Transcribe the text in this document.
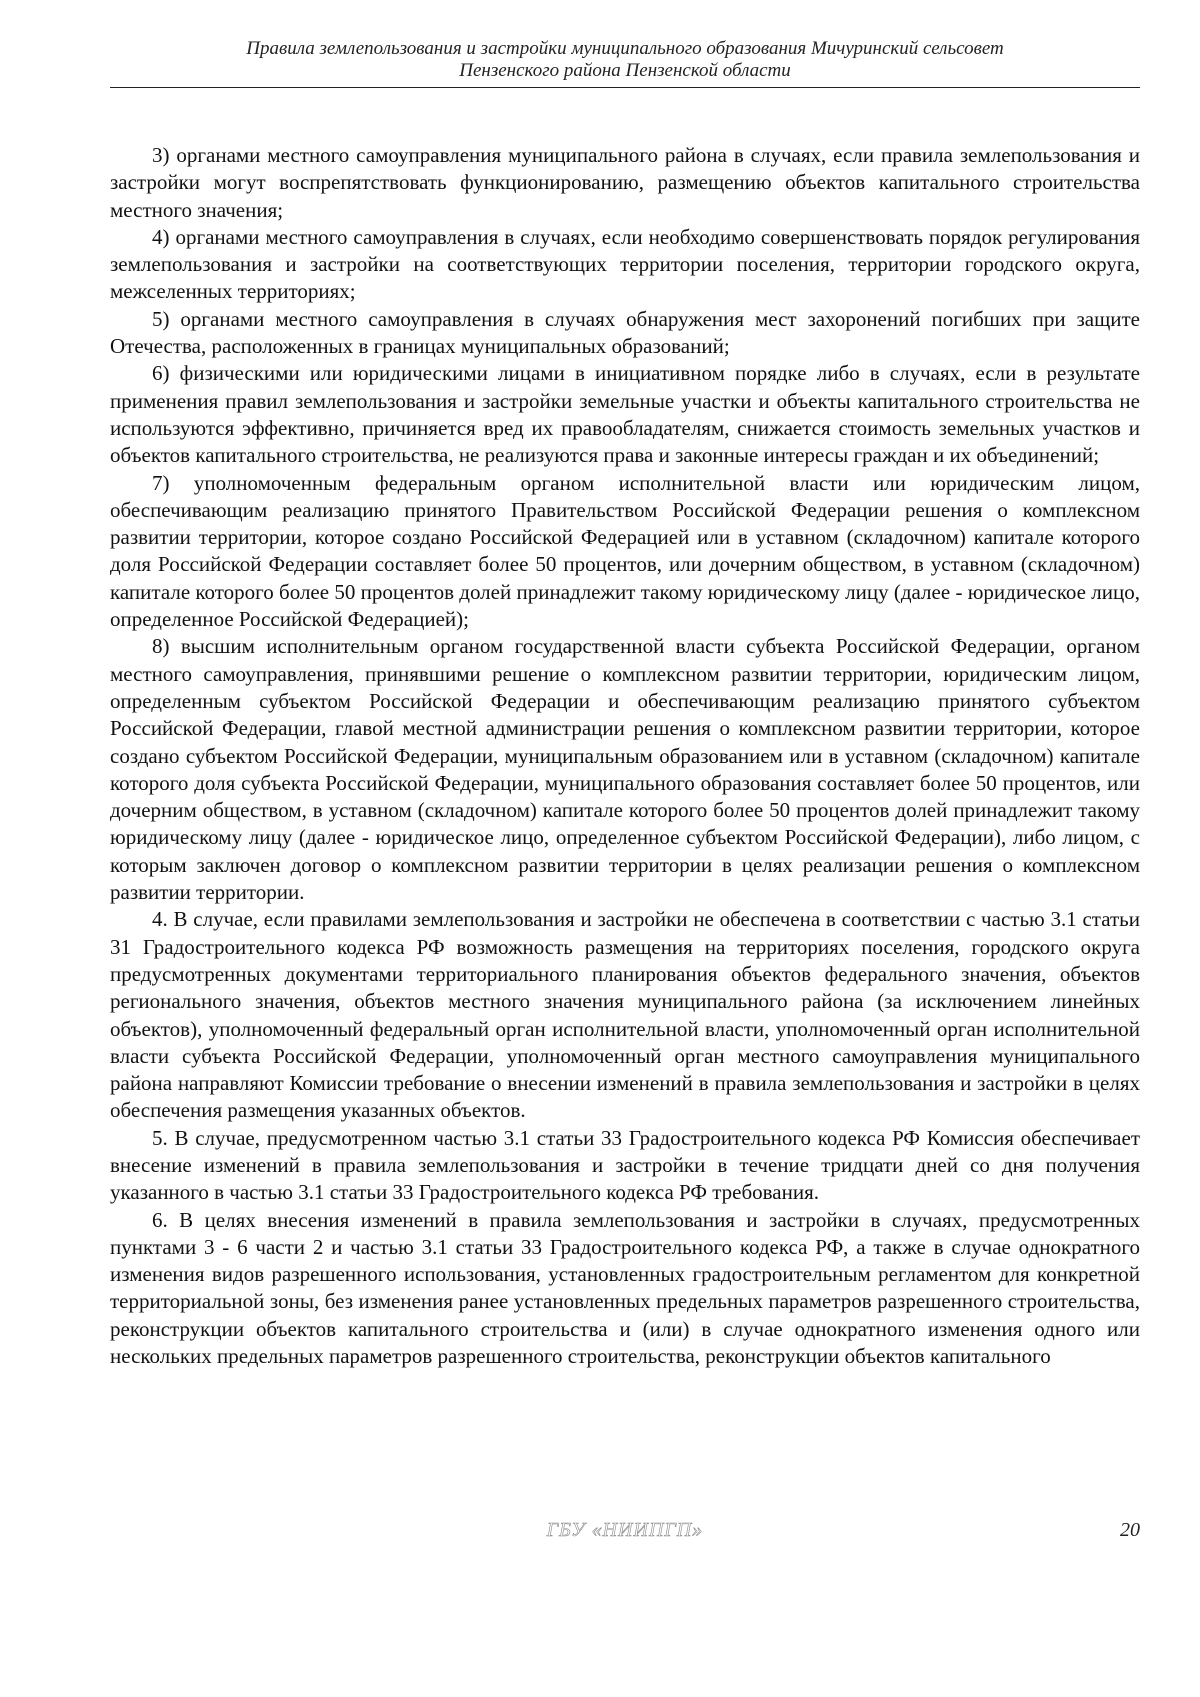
Правила землепользования и застройки муниципального образования Мичуринский сельсовет
Пензенского района Пензенской области

3) органами местного самоуправления муниципального района в случаях, если правила землепользования и застройки могут воспрепятствовать функционированию, размещению объектов капитального строительства местного значения;

4) органами местного самоуправления в случаях, если необходимо совершенствовать порядок регулирования землепользования и застройки на соответствующих территории поселения, территории городского округа, межселенных территориях;

5) органами местного самоуправления в случаях обнаружения мест захоронений погибших при защите Отечества, расположенных в границах муниципальных образований;

6) физическими или юридическими лицами в инициативном порядке либо в случаях, если в результате применения правил землепользования и застройки земельные участки и объекты капитального строительства не используются эффективно, причиняется вред их правообладателям, снижается стоимость земельных участков и объектов капитального строительства, не реализуются права и законные интересы граждан и их объединений;

7) уполномоченным федеральным органом исполнительной власти или юридическим лицом, обеспечивающим реализацию принятого Правительством Российской Федерации решения о комплексном развитии территории, которое создано Российской Федерацией или в уставном (складочном) капитале которого доля Российской Федерации составляет более 50 процентов, или дочерним обществом, в уставном (складочном) капитале которого более 50 процентов долей принадлежит такому юридическому лицу (далее - юридическое лицо, определенное Российской Федерацией);

8) высшим исполнительным органом государственной власти субъекта Российской Федерации, органом местного самоуправления, принявшими решение о комплексном развитии территории, юридическим лицом, определенным субъектом Российской Федерации и обеспечивающим реализацию принятого субъектом Российской Федерации, главой местной администрации решения о комплексном развитии территории, которое создано субъектом Российской Федерации, муниципальным образованием или в уставном (складочном) капитале которого доля субъекта Российской Федерации, муниципального образования составляет более 50 процентов, или дочерним обществом, в уставном (складочном) капитале которого более 50 процентов долей принадлежит такому юридическому лицу (далее - юридическое лицо, определенное субъектом Российской Федерации), либо лицом, с которым заключен договор о комплексном развитии территории в целях реализации решения о комплексном развитии территории.

4. В случае, если правилами землепользования и застройки не обеспечена в соответствии с частью 3.1 статьи 31 Градостроительного кодекса РФ возможность размещения на территориях поселения, городского округа предусмотренных документами территориального планирования объектов федерального значения, объектов регионального значения, объектов местного значения муниципального района (за исключением линейных объектов), уполномоченный федеральный орган исполнительной власти, уполномоченный орган исполнительной власти субъекта Российской Федерации, уполномоченный орган местного самоуправления муниципального района направляют Комиссии требование о внесении изменений в правила землепользования и застройки в целях обеспечения размещения указанных объектов.

5. В случае, предусмотренном частью 3.1 статьи 33 Градостроительного кодекса РФ Комиссия обеспечивает внесение изменений в правила землепользования и застройки в течение тридцати дней со дня получения указанного в частью 3.1 статьи 33 Градостроительного кодекса РФ требования.

6. В целях внесения изменений в правила землепользования и застройки в случаях, предусмотренных пунктами 3 - 6 части 2 и частью 3.1 статьи 33 Градостроительного кодекса РФ, а также в случае однократного изменения видов разрешенного использования, установленных градостроительным регламентом для конкретной территориальной зоны, без изменения ранее установленных предельных параметров разрешенного строительства, реконструкции объектов капитального строительства и (или) в случае однократного изменения одного или нескольких предельных параметров разрешенного строительства, реконструкции объектов капитального

ГБУ «НИИПГП»	20
